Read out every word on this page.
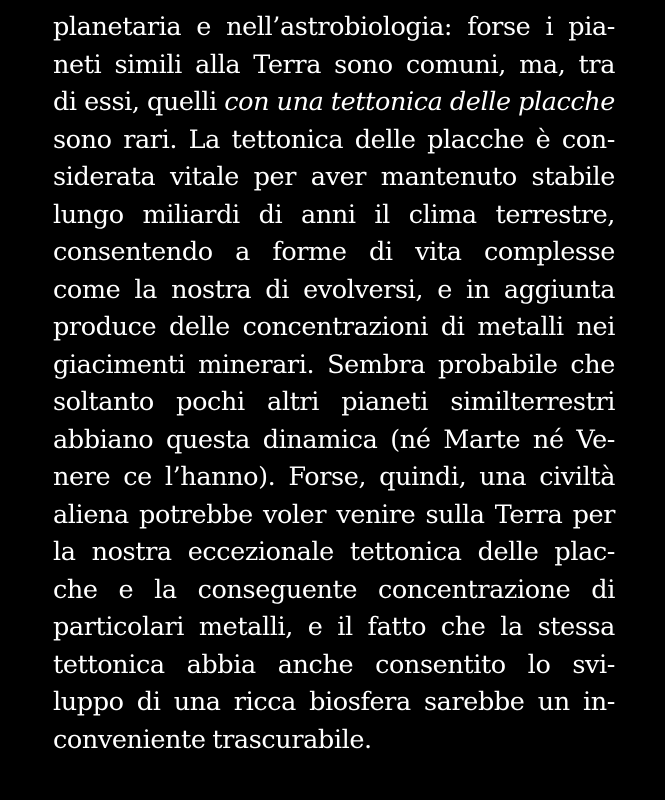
planetaria e nell’astrobiologia: forse i pia-
neti simili alla Terra sono comuni, ma, tra
di essi, quelli con una tettonica delle placche
sono rari. La tettonica delle placche è con-
siderata vitale per aver mantenuto stabile
lungo miliardi di anni il clima terrestre,
consentendo a forme di vita complesse
come la nostra di evolversi, e in aggiunta
produce delle concentrazioni di metalli nei
giacimenti minerari. Sembra probabile che
soltanto pochi altri pianeti similterrestri
abbiano questa dinamica (né Marte né Ve-
nere ce l’hanno). Forse, quindi, una civiltà
aliena potrebbe voler venire sulla Terra per
la nostra eccezionale tettonica delle plac-
che e la conseguente concentrazione di
particolari metalli, e il fatto che la stessa
tettonica abbia anche consentito lo svi-
luppo di una ricca biosfera sarebbe un in-
conveniente trascurabile.
